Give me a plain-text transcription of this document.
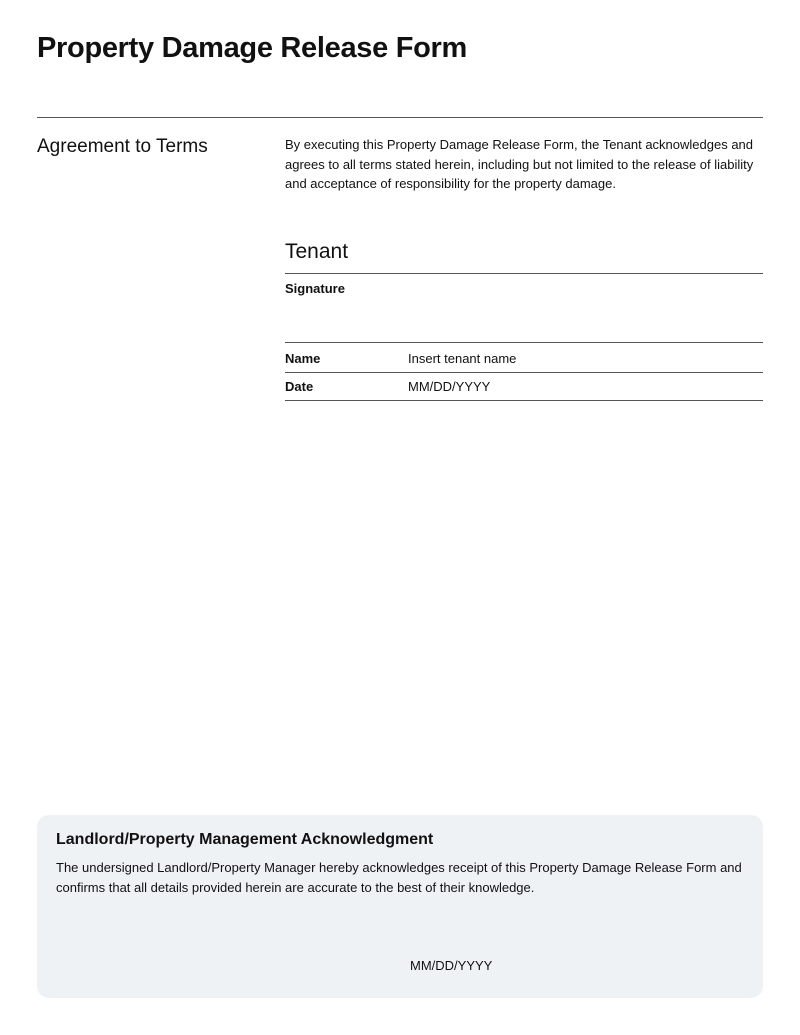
Property Damage Release Form
Agreement to Terms	By executing this Property Damage Release Form, the Tenant acknowledges and agrees to all terms stated herein, including but not limited to the release of liability and acceptance of responsibility for the property damage.

Tenant
Signature
Name	Insert tenant name
Date	MM/DD/YYYY
Landlord/Property Management Acknowledgment

The undersigned Landlord/Property Manager hereby acknowledges receipt of this Property Damage Release Form and confirms that all details provided herein are accurate to the best of their knowledge.

MM/DD/YYYY
